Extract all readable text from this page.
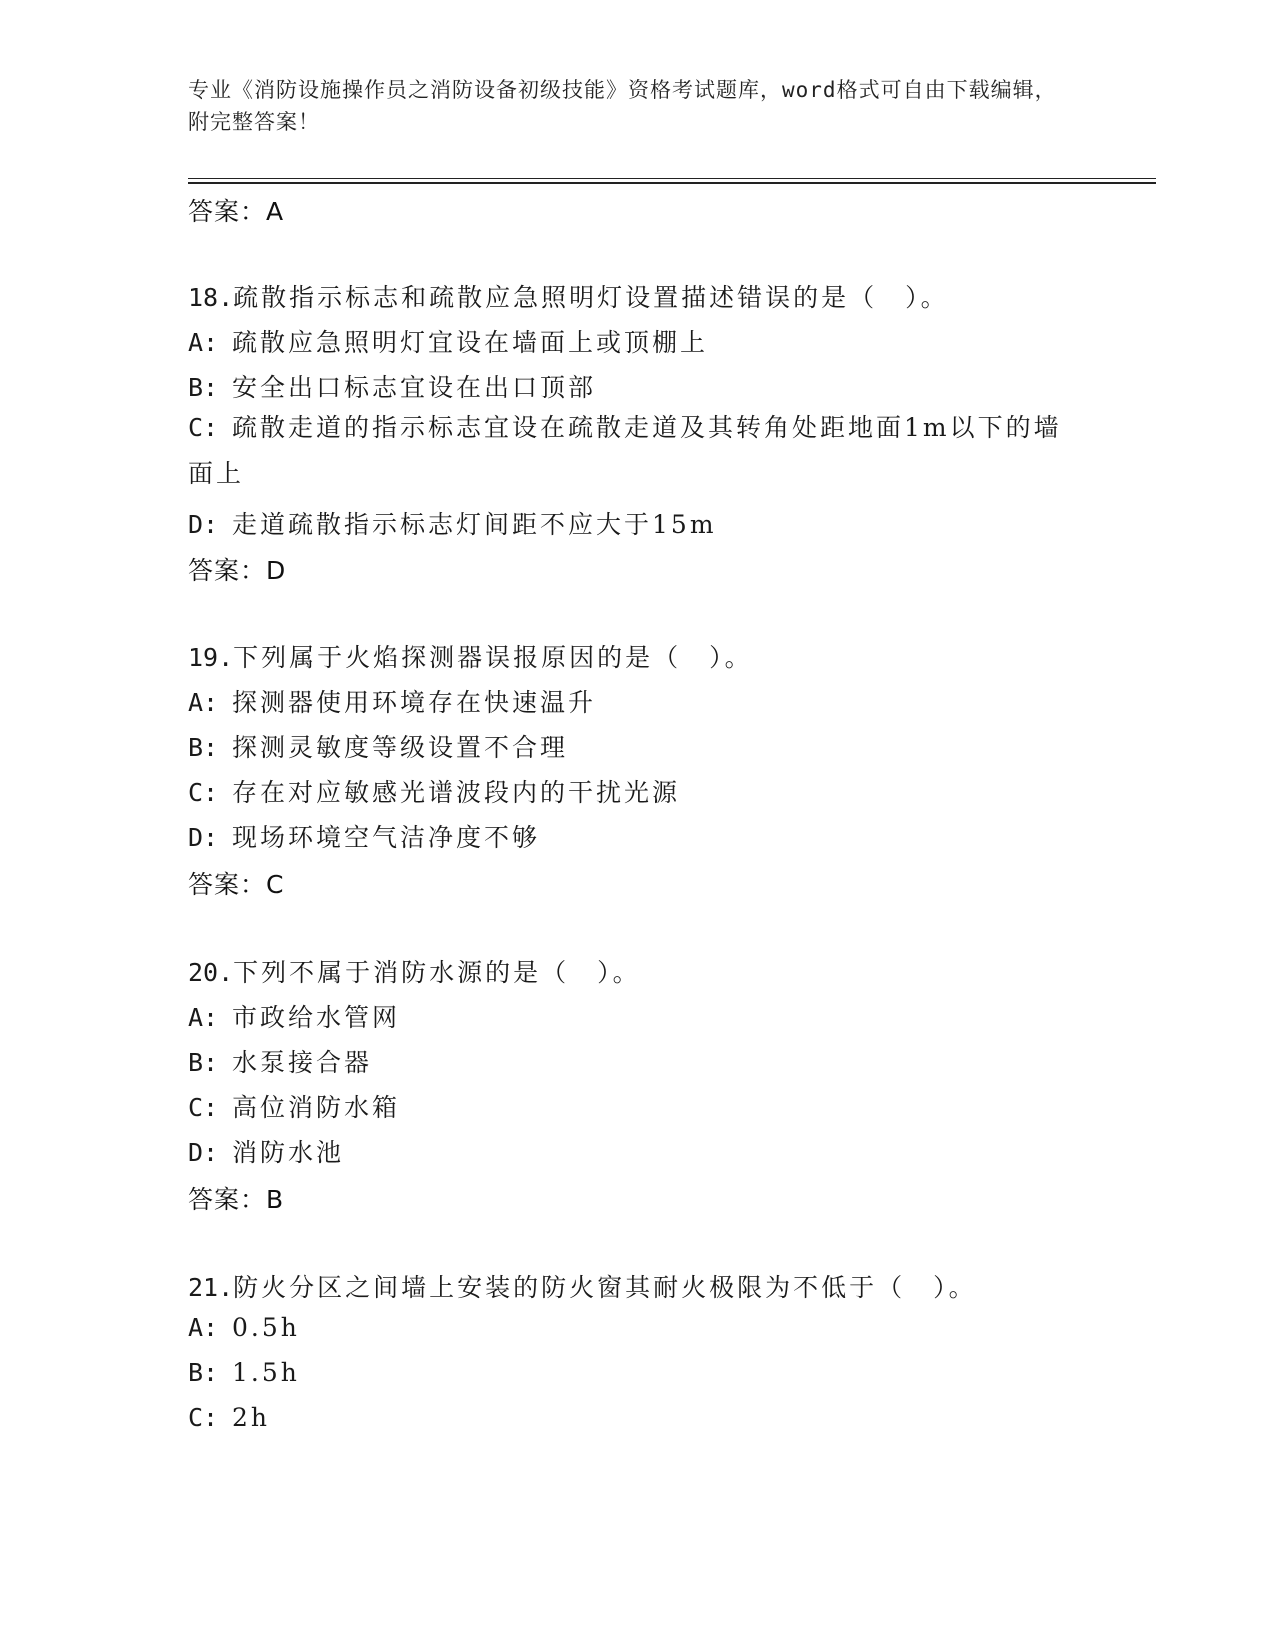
专业《消防设施操作员之消防设备初级技能》资格考试题库，word格式可自由下载编辑，附完整答案！
答案：A
18.疏散指示标志和疏散应急照明灯设置描述错误的是（　）。
A: 疏散应急照明灯宜设在墙面上或顶棚上
B: 安全出口标志宜设在出口顶部
C: 疏散走道的指示标志宜设在疏散走道及其转角处距地面1m以下的墙面上
D: 走道疏散指示标志灯间距不应大于15m
答案：D
19.下列属于火焰探测器误报原因的是（　）。
A: 探测器使用环境存在快速温升
B: 探测灵敏度等级设置不合理
C: 存在对应敏感光谱波段内的干扰光源
D: 现场环境空气洁净度不够
答案：C
20.下列不属于消防水源的是（　）。
A: 市政给水管网
B: 水泵接合器
C: 高位消防水箱
D: 消防水池
答案：B
21.防火分区之间墙上安装的防火窗其耐火极限为不低于（　）。
A: 0.5h
B: 1.5h
C: 2h
